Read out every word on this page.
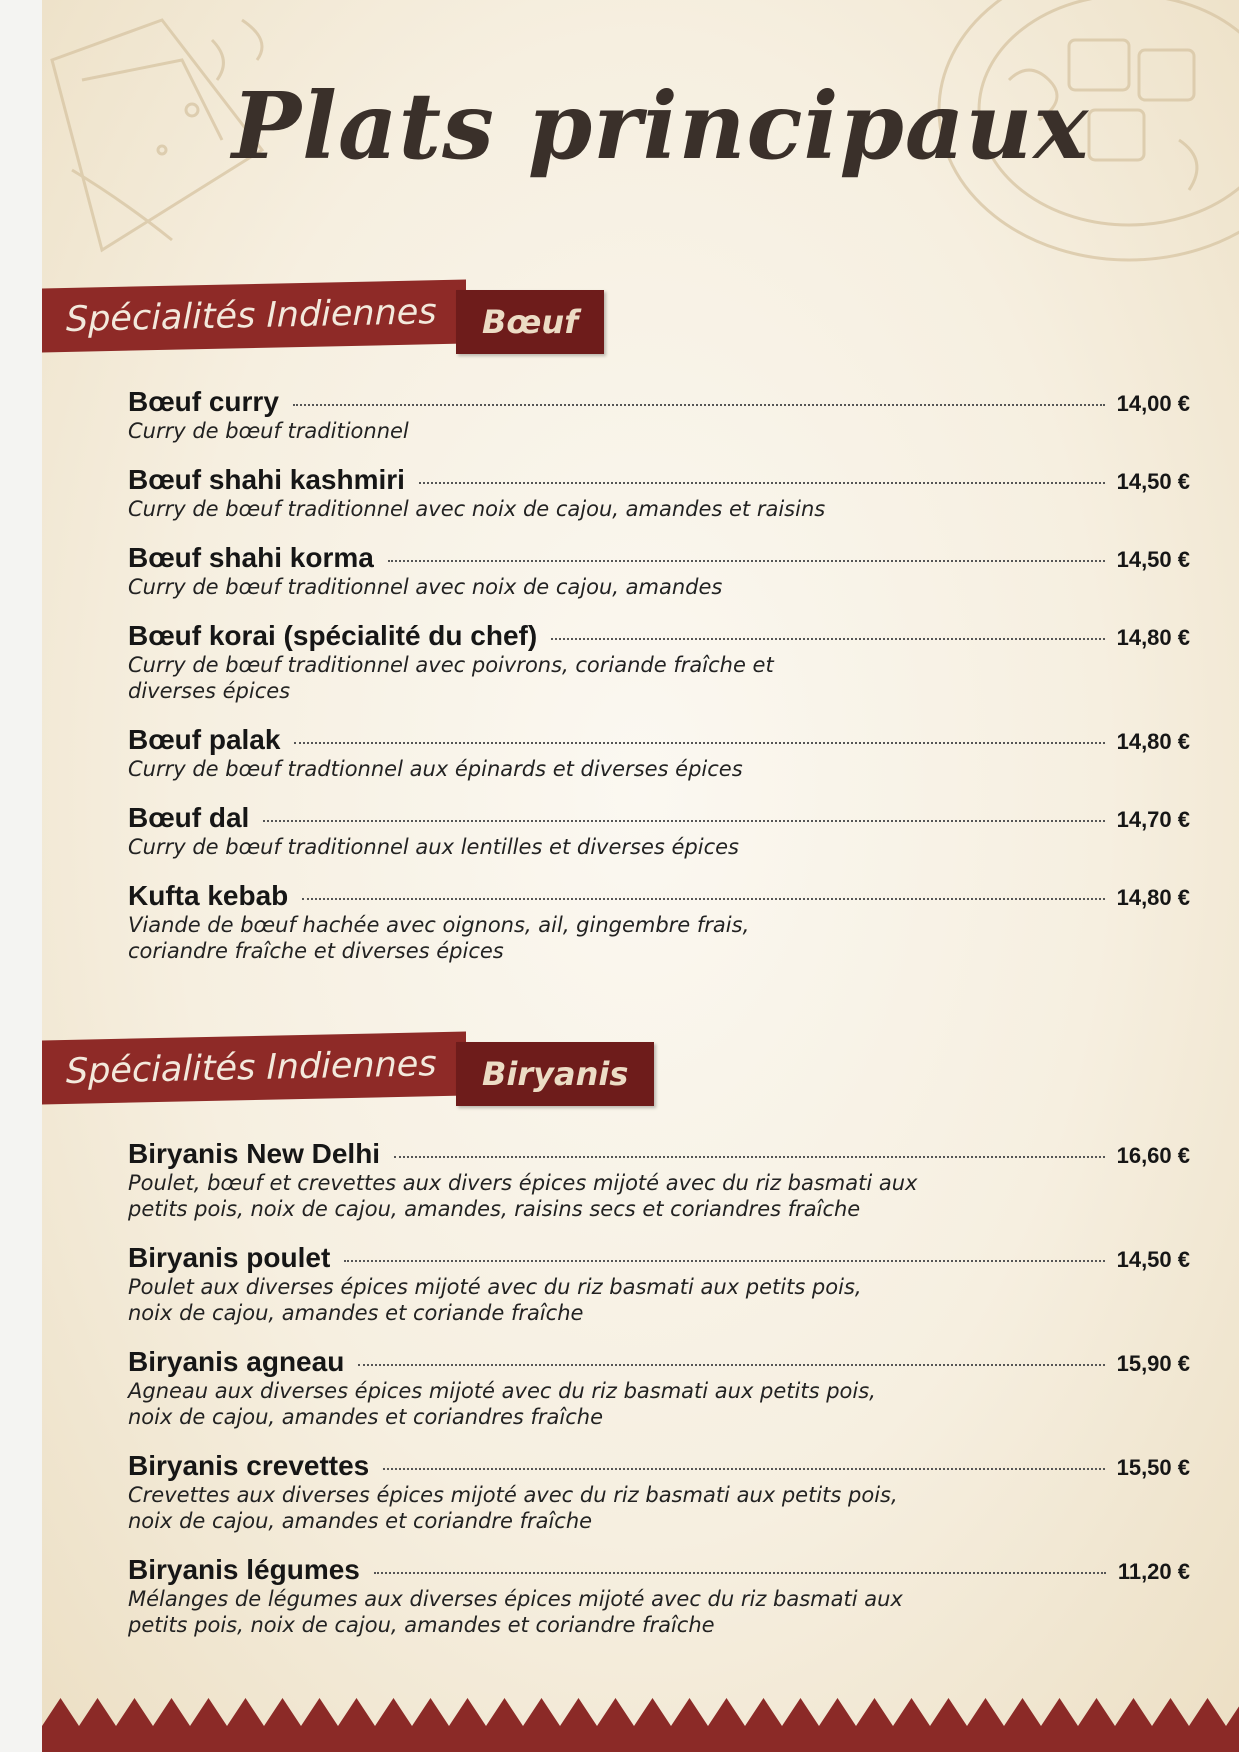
Plats principaux
Spécialités Indiennes	Bœuf
Bœuf curry	14,00 €
Curry de bœuf traditionnel
Bœuf shahi kashmiri	14,50 €
Curry de bœuf traditionnel avec noix de cajou, amandes et raisins
Bœuf shahi korma	14,50 €
Curry de bœuf traditionnel avec noix de cajou, amandes
Bœuf korai (spécialité du chef)	14,80 €
Curry de bœuf traditionnel avec poivrons, coriande fraîche et diverses épices
Bœuf palak	14,80 €
Curry de bœuf tradtionnel aux épinards et diverses épices
Bœuf dal	14,70 €
Curry de bœuf traditionnel aux lentilles et diverses épices
Kufta kebab	14,80 €
Viande de bœuf hachée avec oignons, ail, gingembre frais, coriandre fraîche et diverses épices
Spécialités Indiennes	Biryanis
Biryanis New Delhi	16,60 €
Poulet, bœuf et crevettes aux divers épices mijoté avec du riz basmati aux petits pois, noix de cajou, amandes, raisins secs et coriandres fraîche
Biryanis poulet	14,50 €
Poulet aux diverses épices mijoté avec du riz basmati aux petits pois, noix de cajou, amandes et coriande fraîche
Biryanis agneau	15,90 €
Agneau aux diverses épices mijoté avec du riz basmati aux petits pois, noix de cajou, amandes et coriandres fraîche
Biryanis crevettes	15,50 €
Crevettes aux diverses épices mijoté avec du riz basmati aux petits pois, noix de cajou, amandes et coriandre fraîche
Biryanis légumes	11,20 €
Mélanges de légumes aux diverses épices mijoté avec du riz basmati aux petits pois, noix de cajou, amandes et coriandre fraîche
